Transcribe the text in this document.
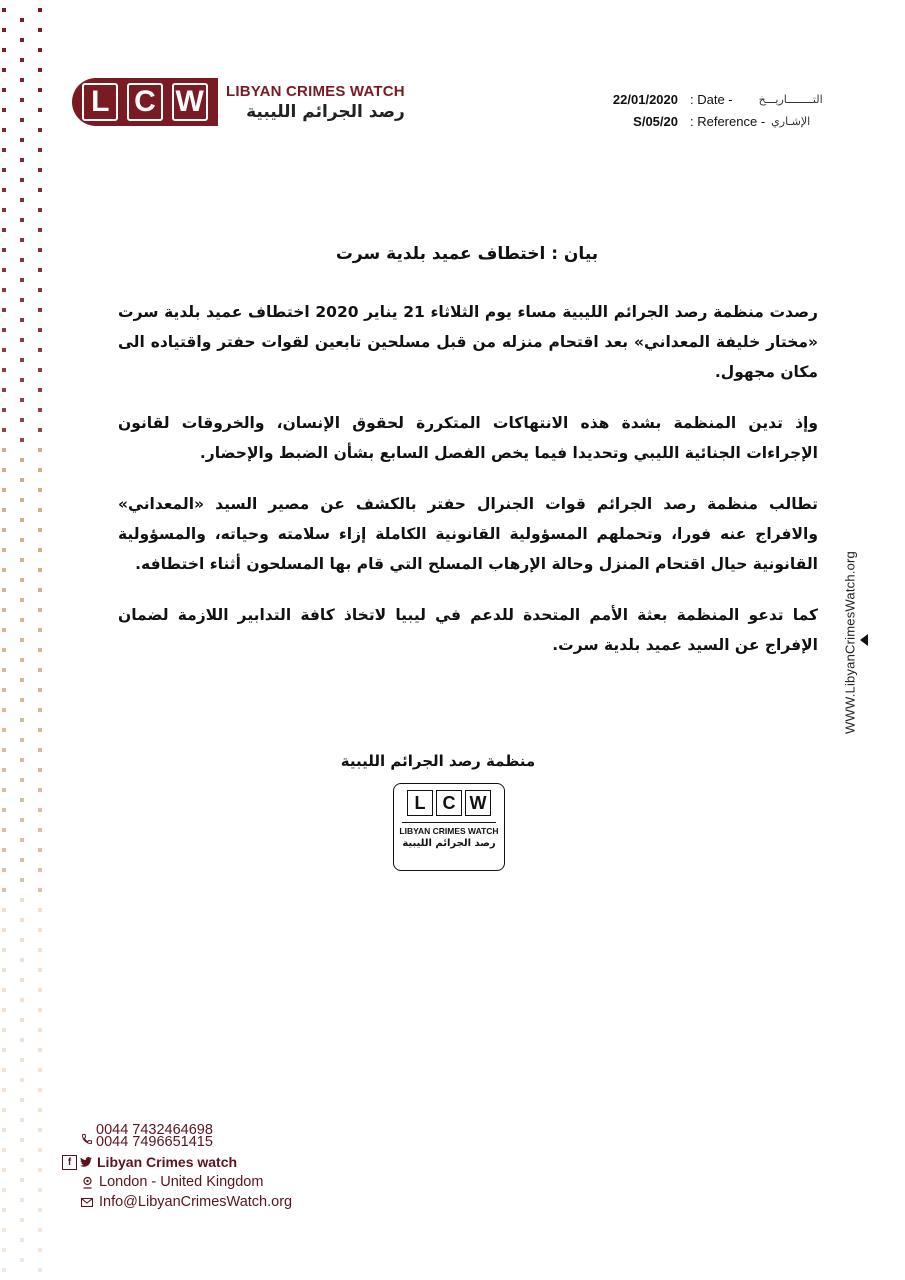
L C W LIBYAN CRIMES WATCH
رصد الجرائم الليبية
22/01/2020
S/05/20
: Date - التــــــــاريـــخ
: Reference - الإشـاري
بيان : اختطاف عميد بلدية سرت
رصدت منظمة رصد الجرائم الليبية مساء يوم الثلاثاء 21 يناير 2020 اختطاف عميد بلدية سرت «مختار خليفة المعداني» بعد اقتحام منزله من قبل مسلحين تابعين لقوات حفتر واقتياده الى مكان مجهول.
وإذ تدين المنظمة بشدة هذه الانتهاكات المتكررة لحقوق الإنسان، والخروقات لقانون الإجراءات الجنائية الليبي وتحديدا فيما يخص الفصل السابع بشأن الضبط والإحضار.
تطالب منظمة رصد الجرائم قوات الجنرال حفتر بالكشف عن مصير السيد «المعداني» والافراج عنه فورا، وتحملهم المسؤولية القانونية الكاملة إزاء سلامته وحياته، والمسؤولية القانونية حيال اقتحام المنزل وحالة الإرهاب المسلح التي قام بها المسلحون أثناء اختطافه.
كما تدعو المنظمة بعثة الأمم المتحدة للدعم في ليبيا لاتخاذ كافة التدابير اللازمة لضمان الإفراج عن السيد عميد بلدية سرت.
منظمة رصد الجرائم الليبية
L C W
LIBYAN CRIMES WATCH
رصد الجرائم الليبية
WWW.LibyanCrimesWatch.org
0044 7432464698
0044 7496651415
f	Libyan Crimes watch
London - United Kingdom
Info@LibyanCrimesWatch.org
